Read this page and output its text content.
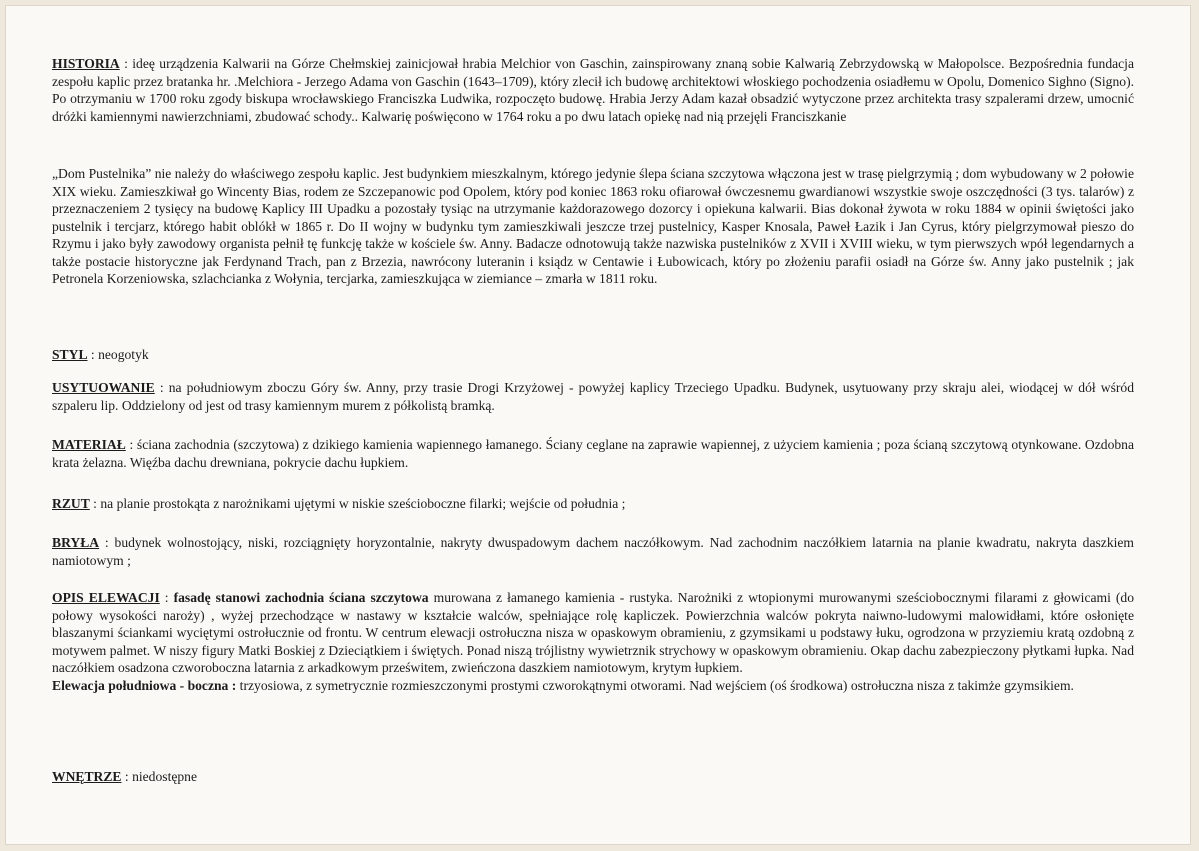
HISTORIA : ideę urządzenia Kalwarii na Górze Chełmskiej zainicjował hrabia Melchior von Gaschin, zainspirowany znaną sobie Kalwarią Zebrzydowską w Małopolsce. Bezpośrednia fundacja zespołu kaplic przez bratanka hr. .Melchiora - Jerzego Adama von Gaschin (1643–1709), który zlecił ich budowę architektowi włoskiego pochodzenia osiadłemu w Opolu, Domenico Sighno (Signo). Po otrzymaniu w 1700 roku zgody biskupa wrocławskiego Franciszka Ludwika, rozpoczęto budowę. Hrabia Jerzy Adam kazał obsadzić wytyczone przez architekta trasy szpalerami drzew, umocnić dróżki kamiennymi nawierzchniami, zbudować schody.. Kalwarię poświęcono w 1764 roku a po dwu latach opiekę nad nią przejęli Franciszkanie

„Dom Pustelnika” nie należy do właściwego zespołu kaplic. Jest budynkiem mieszkalnym, którego jedynie ślepa ściana szczytowa włączona jest w trasę pielgrzymią ; dom wybudowany w 2 połowie XIX wieku. Zamieszkiwał go Wincenty Bias, rodem ze Szczepanowic pod Opolem, który pod koniec 1863 roku ofiarował ówczesnemu gwardianowi wszystkie swoje oszczędności (3 tys. talarów) z przeznaczeniem 2 tysięcy na budowę Kaplicy III Upadku a pozostały tysiąc na utrzymanie każdorazowego dozorcy i opiekuna kalwarii. Bias dokonał żywota w roku 1884 w opinii świętości jako pustelnik i tercjarz, którego habit oblókł w 1865 r. Do II wojny w budynku tym zamieszkiwali jeszcze trzej pustelnicy, Kasper Knosala, Paweł Łazik i Jan Cyrus, który pielgrzymował pieszo do Rzymu i jako były zawodowy organista pełnił tę funkcję także w kościele św. Anny. Badacze odnotowują także nazwiska pustelników z XVII i XVIII wieku, w tym pierwszych wpół legendarnych a także postacie historyczne jak Ferdynand Trach, pan z Brzezia, nawrócony luteranin i ksiądz w Centawie i Łubowicach, który po złożeniu parafii osiadł na Górze św. Anny jako pustelnik ; jak Petronela Korzeniowska, szlachcianka z Wołynia, tercjarka, zamieszkująca w ziemiance – zmarła w 1811 roku.

STYL : neogotyk

USYTUOWANIE : na południowym zboczu Góry św. Anny, przy trasie Drogi Krzyżowej - powyżej kaplicy Trzeciego Upadku. Budynek, usytuowany przy skraju alei, wiodącej w dół wśród szpaleru lip. Oddzielony od jest od trasy kamiennym murem z półkolistą bramką.

MATERIAŁ : ściana zachodnia (szczytowa) z dzikiego kamienia wapiennego łamanego. Ściany ceglane na zaprawie wapiennej, z użyciem kamienia ; poza ścianą szczytową otynkowane. Ozdobna krata żelazna. Więźba dachu drewniana, pokrycie dachu łupkiem.

RZUT : na planie prostokąta z narożnikami ujętymi w niskie sześcioboczne filarki; wejście od południa ;

BRYŁA : budynek wolnostojący, niski, rozciągnięty horyzontalnie, nakryty dwuspadowym dachem naczółkowym. Nad zachodnim naczółkiem latarnia na planie kwadratu, nakryta daszkiem namiotowym ;

OPIS ELEWACJI : fasadę stanowi zachodnia ściana szczytowa murowana z łamanego kamienia - rustyka. Narożniki z wtopionymi murowanymi sześciobocznymi filarami z głowicami (do połowy wysokości naroży) , wyżej przechodzące w nastawy w kształcie walców, spełniające rolę kapliczek. Powierzchnia walców pokryta naiwno-ludowymi malowidłami, które osłonięte blaszanymi ściankami wyciętymi ostrołucznie od frontu. W centrum elewacji ostrołuczna nisza w opaskowym obramieniu, z gzymsikami u podstawy łuku, ogrodzona w przyziemiu kratą ozdobną z motywem palmet. W niszy figury Matki Boskiej z Dzieciątkiem i świętych. Ponad niszą trójlistny wywietrznik strychowy w opaskowym obramieniu. Okap dachu zabezpieczony płytkami łupka. Nad naczółkiem osadzona czworoboczna latarnia z arkadkowym prześwitem, zwieńczona daszkiem namiotowym, krytym łupkiem.
Elewacja południowa - boczna : trzyosiowa, z symetrycznie rozmieszczonymi prostymi czworokątnymi otworami. Nad wejściem (oś środkowa) ostrołuczna nisza z takimże gzymsikiem.

WNĘTRZE : niedostępne
